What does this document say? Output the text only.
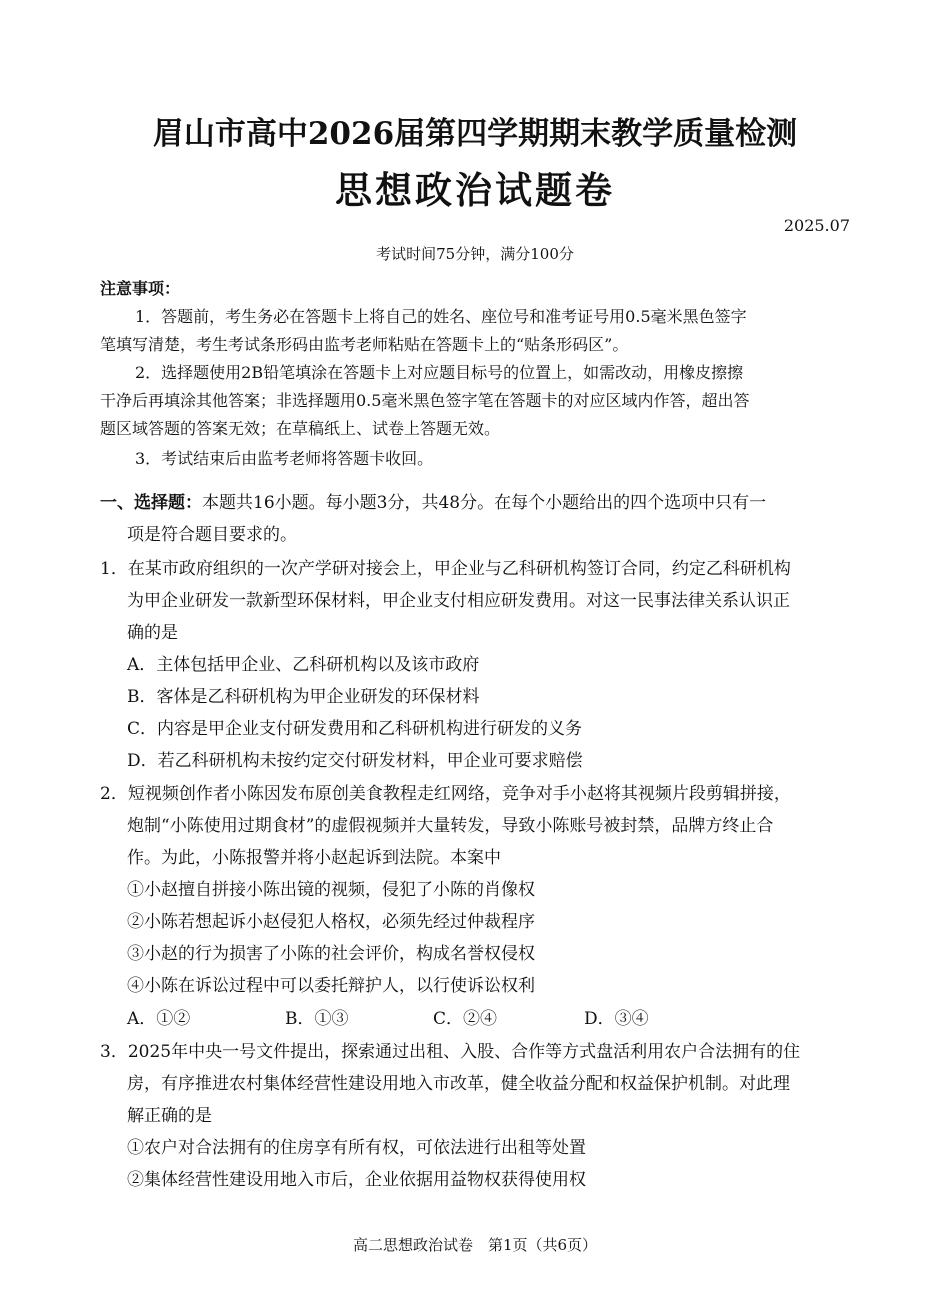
眉山市高中2026届第四学期期末教学质量检测
思想政治试题卷
2025.07
考试时间75分钟，满分100分
注意事项：
1．答题前，考生务必在答题卡上将自己的姓名、座位号和准考证号用0.5毫米黑色签字
笔填写清楚，考生考试条形码由监考老师粘贴在答题卡上的“贴条形码区”。
2．选择题使用2B铅笔填涂在答题卡上对应题目标号的位置上，如需改动，用橡皮擦擦
干净后再填涂其他答案；非选择题用0.5毫米黑色签字笔在答题卡的对应区域内作答，超出答
题区域答题的答案无效；在草稿纸上、试卷上答题无效。
3．考试结束后由监考老师将答题卡收回。
一、选择题：本题共16小题。每小题3分，共48分。在每个小题给出的四个选项中只有一
项是符合题目要求的。
1．在某市政府组织的一次产学研对接会上，甲企业与乙科研机构签订合同，约定乙科研机构
为甲企业研发一款新型环保材料，甲企业支付相应研发费用。对这一民事法律关系认识正
确的是
A．主体包括甲企业、乙科研机构以及该市政府
B．客体是乙科研机构为甲企业研发的环保材料
C．内容是甲企业支付研发费用和乙科研机构进行研发的义务
D．若乙科研机构未按约定交付研发材料，甲企业可要求赔偿
2．短视频创作者小陈因发布原创美食教程走红网络，竞争对手小赵将其视频片段剪辑拼接，
炮制“小陈使用过期食材”的虚假视频并大量转发，导致小陈账号被封禁，品牌方终止合
作。为此，小陈报警并将小赵起诉到法院。本案中
①小赵擅自拼接小陈出镜的视频，侵犯了小陈的肖像权
②小陈若想起诉小赵侵犯人格权，必须先经过仲裁程序
③小赵的行为损害了小陈的社会评价，构成名誉权侵权
④小陈在诉讼过程中可以委托辩护人，以行使诉讼权利
A．①②	B．①③	C．②④	D．③④
3．2025年中央一号文件提出，探索通过出租、入股、合作等方式盘活利用农户合法拥有的住
房，有序推进农村集体经营性建设用地入市改革，健全收益分配和权益保护机制。对此理
解正确的是
①农户对合法拥有的住房享有所有权，可依法进行出租等处置
②集体经营性建设用地入市后，企业依据用益物权获得使用权
高二思想政治试卷　第1页（共6页）
